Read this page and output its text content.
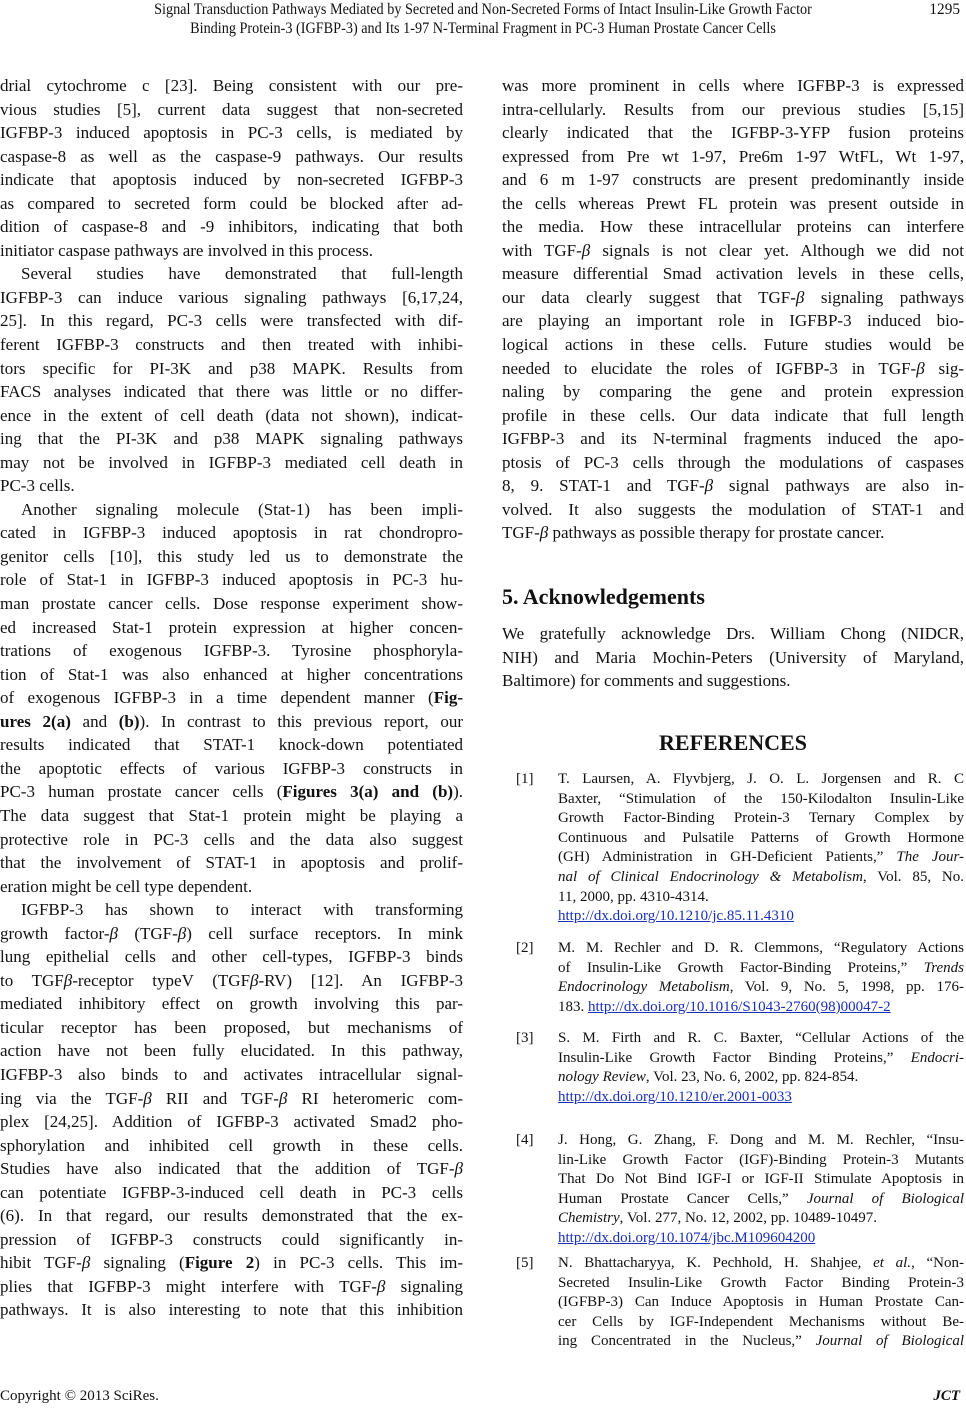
Signal Transduction Pathways Mediated by Secreted and Non-Secreted Forms of Intact Insulin-Like Growth Factor
Binding Protein-3 (IGFBP-3) and Its 1-97 N-Terminal Fragment in PC-3 Human Prostate Cancer Cells
1295
drial cytochrome c [23]. Being consistent with our pre-
vious studies [5], current data suggest that non-secreted
IGFBP-3 induced apoptosis in PC-3 cells, is mediated by
caspase-8 as well as the caspase-9 pathways. Our results
indicate that apoptosis induced by non-secreted IGFBP-3
as compared to secreted form could be blocked after ad-
dition of caspase-8 and -9 inhibitors, indicating that both
initiator caspase pathways are involved in this process.
Several studies have demonstrated that full-length
IGFBP-3 can induce various signaling pathways [6,17,24,
25]. In this regard, PC-3 cells were transfected with dif-
ferent IGFBP-3 constructs and then treated with inhibi-
tors specific for PI-3K and p38 MAPK. Results from
FACS analyses indicated that there was little or no differ-
ence in the extent of cell death (data not shown), indicat-
ing that the PI-3K and p38 MAPK signaling pathways
may not be involved in IGFBP-3 mediated cell death in
PC-3 cells.
Another signaling molecule (Stat-1) has been impli-
cated in IGFBP-3 induced apoptosis in rat chondropro-
genitor cells [10], this study led us to demonstrate the
role of Stat-1 in IGFBP-3 induced apoptosis in PC-3 hu-
man prostate cancer cells. Dose response experiment show-
ed increased Stat-1 protein expression at higher concen-
trations of exogenous IGFBP-3. Tyrosine phosphoryla-
tion of Stat-1 was also enhanced at higher concentrations
of exogenous IGFBP-3 in a time dependent manner (Fig-
ures 2(a) and (b)). In contrast to this previous report, our
results indicated that STAT-1 knock-down potentiated
the apoptotic effects of various IGFBP-3 constructs in
PC-3 human prostate cancer cells (Figures 3(a) and (b)).
The data suggest that Stat-1 protein might be playing a
protective role in PC-3 cells and the data also suggest
that the involvement of STAT-1 in apoptosis and prolif-
eration might be cell type dependent.
IGFBP-3 has shown to interact with transforming
growth factor-β (TGF-β) cell surface receptors. In mink
lung epithelial cells and other cell-types, IGFBP-3 binds
to TGFβ-receptor typeV (TGFβ-RV) [12]. An IGFBP-3
mediated inhibitory effect on growth involving this par-
ticular receptor has been proposed, but mechanisms of
action have not been fully elucidated. In this pathway,
IGFBP-3 also binds to and activates intracellular signal-
ing via the TGF-β RII and TGF-β RI heteromeric com-
plex [24,25]. Addition of IGFBP-3 activated Smad2 pho-
sphorylation and inhibited cell growth in these cells.
Studies have also indicated that the addition of TGF-β
can potentiate IGFBP-3-induced cell death in PC-3 cells
(6). In that regard, our results demonstrated that the ex-
pression of IGFBP-3 constructs could significantly in-
hibit TGF-β signaling (Figure 2) in PC-3 cells. This im-
plies that IGFBP-3 might interfere with TGF-β signaling
pathways. It is also interesting to note that this inhibition
was more prominent in cells where IGFBP-3 is expressed
intra-cellularly. Results from our previous studies [5,15]
clearly indicated that the IGFBP-3-YFP fusion proteins
expressed from Pre wt 1-97, Pre6m 1-97 WtFL, Wt 1-97,
and 6 m 1-97 constructs are present predominantly inside
the cells whereas Prewt FL protein was present outside in
the media. How these intracellular proteins can interfere
with TGF-β signals is not clear yet. Although we did not
measure differential Smad activation levels in these cells,
our data clearly suggest that TGF-β signaling pathways
are playing an important role in IGFBP-3 induced bio-
logical actions in these cells. Future studies would be
needed to elucidate the roles of IGFBP-3 in TGF-β sig-
naling by comparing the gene and protein expression
profile in these cells. Our data indicate that full length
IGFBP-3 and its N-terminal fragments induced the apo-
ptosis of PC-3 cells through the modulations of caspases
8, 9. STAT-1 and TGF-β signal pathways are also in-
volved. It also suggests the modulation of STAT-1 and
TGF-β pathways as possible therapy for prostate cancer.
5. Acknowledgements
We gratefully acknowledge Drs. William Chong (NIDCR,
NIH) and Maria Mochin-Peters (University of Maryland,
Baltimore) for comments and suggestions.
REFERENCES
[1] T. Laursen, A. Flyvbjerg, J. O. L. Jorgensen and R. C
Baxter, “Stimulation of the 150-Kilodalton Insulin-Like
Growth Factor-Binding Protein-3 Ternary Complex by
Continuous and Pulsatile Patterns of Growth Hormone
(GH) Administration in GH-Deficient Patients,” The Jour-
nal of Clinical Endocrinology & Metabolism, Vol. 85, No.
11, 2000, pp. 4310-4314.
http://dx.doi.org/10.1210/jc.85.11.4310
[2] M. M. Rechler and D. R. Clemmons, “Regulatory Actions
of Insulin-Like Growth Factor-Binding Proteins,” Trends
Endocrinology Metabolism, Vol. 9, No. 5, 1998, pp. 176-
183. http://dx.doi.org/10.1016/S1043-2760(98)00047-2
[3] S. M. Firth and R. C. Baxter, “Cellular Actions of the
Insulin-Like Growth Factor Binding Proteins,” Endocri-
nology Review, Vol. 23, No. 6, 2002, pp. 824-854.
http://dx.doi.org/10.1210/er.2001-0033
[4] J. Hong, G. Zhang, F. Dong and M. M. Rechler, “Insu-
lin-Like Growth Factor (IGF)-Binding Protein-3 Mutants
That Do Not Bind IGF-I or IGF-II Stimulate Apoptosis in
Human Prostate Cancer Cells,” Journal of Biological
Chemistry, Vol. 277, No. 12, 2002, pp. 10489-10497.
http://dx.doi.org/10.1074/jbc.M109604200
[5] N. Bhattacharyya, K. Pechhold, H. Shahjee, et al., “Non-
Secreted Insulin-Like Growth Factor Binding Protein-3
(IGFBP-3) Can Induce Apoptosis in Human Prostate Can-
cer Cells by IGF-Independent Mechanisms without Be-
ing Concentrated in the Nucleus,” Journal of Biological
Copyright © 2013 SciRes.	JCT
